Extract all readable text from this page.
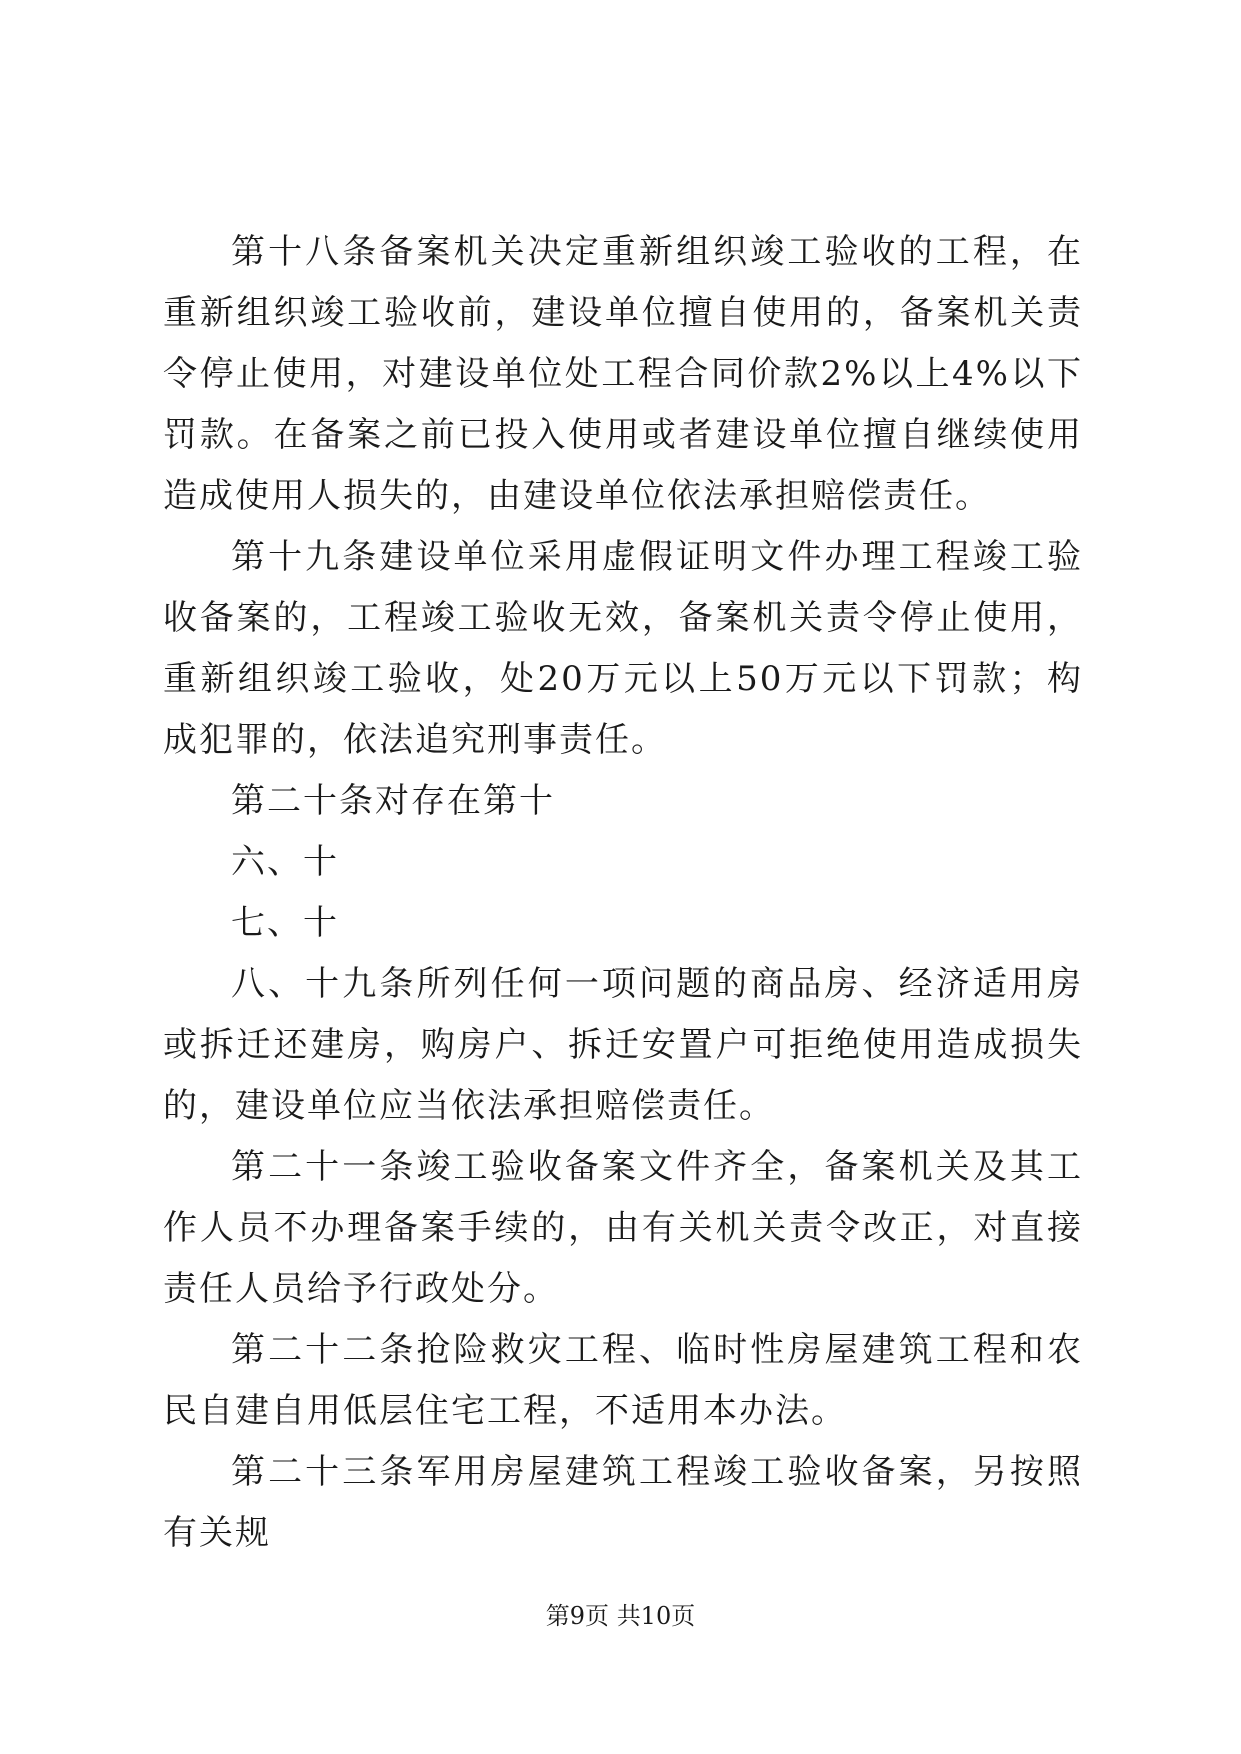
第十八条备案机关决定重新组织竣工验收的工程，在重新组织竣工验收前，建设单位擅自使用的，备案机关责令停止使用，对建设单位处工程合同价款2%以上4%以下罚款。在备案之前已投入使用或者建设单位擅自继续使用造成使用人损失的，由建设单位依法承担赔偿责任。

第十九条建设单位采用虚假证明文件办理工程竣工验收备案的，工程竣工验收无效，备案机关责令停止使用，重新组织竣工验收，处20万元以上50万元以下罚款；构成犯罪的，依法追究刑事责任。

第二十条对存在第十

六、十

七、十

八、十九条所列任何一项问题的商品房、经济适用房或拆迁还建房，购房户、拆迁安置户可拒绝使用造成损失的，建设单位应当依法承担赔偿责任。

第二十一条竣工验收备案文件齐全，备案机关及其工作人员不办理备案手续的，由有关机关责令改正，对直接责任人员给予行政处分。

第二十二条抢险救灾工程、临时性房屋建筑工程和农民自建自用低层住宅工程，不适用本办法。

第二十三条军用房屋建筑工程竣工验收备案，另按照有关规

第9页 共10页
